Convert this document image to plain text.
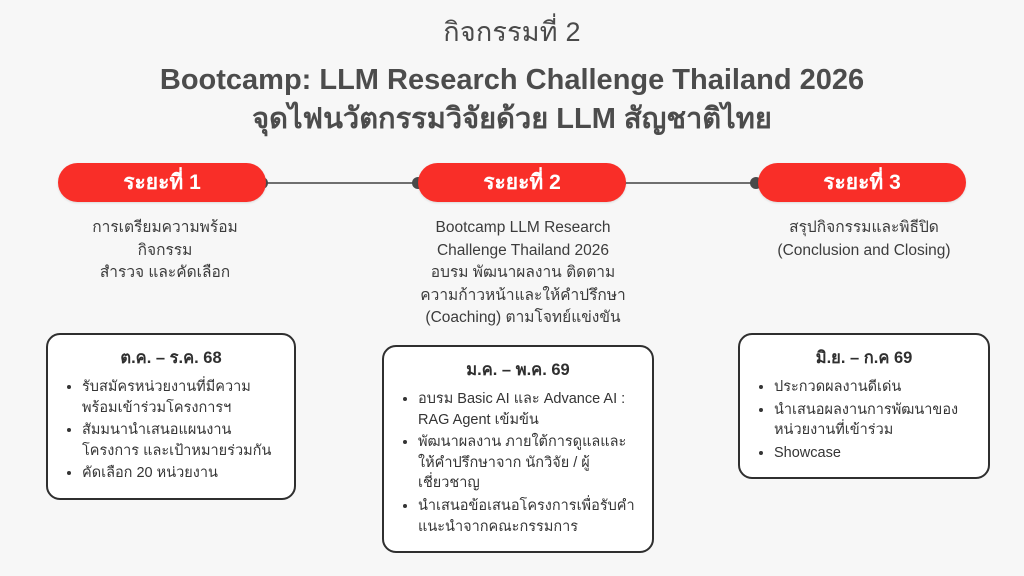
กิจกรรมที่ 2
Bootcamp: LLM Research Challenge Thailand 2026
จุดไฟนวัตกรรมวิจัยด้วย LLM สัญชาติไทย
ระยะที่ 1	ระยะที่ 2	ระยะที่ 3
การเตรียมความพร้อม
กิจกรรม
สำรวจ และคัดเลือก
Bootcamp LLM Research
Challenge Thailand 2026
อบรม พัฒนาผลงาน ติดตาม
ความก้าวหน้าและให้คำปรึกษา
(Coaching) ตามโจทย์แข่งขัน
สรุปกิจกรรมและพิธีปิด
(Conclusion and Closing)
ต.ค. – ร.ค. 68
• รับสมัครหน่วยงานที่มีความพร้อมเข้าร่วมโครงการฯ
• สัมมนานำเสนอแผนงานโครงการ และเป้าหมายร่วมกัน
• คัดเลือก 20 หน่วยงาน
ม.ค. – พ.ค. 69
• อบรม Basic AI และ Advance AI : RAG Agent เข้มข้น
• พัฒนาผลงาน ภายใต้การดูแลและให้คำปรึกษาจาก นักวิจัย / ผู้เชี่ยวชาญ
• นำเสนอข้อเสนอโครงการเพื่อรับคำแนะนำจากคณะกรรมการ
มิ.ย. – ก.ค 69
• ประกวดผลงานดีเด่น
• นำเสนอผลงานการพัฒนาของหน่วยงานที่เข้าร่วม
• Showcase
